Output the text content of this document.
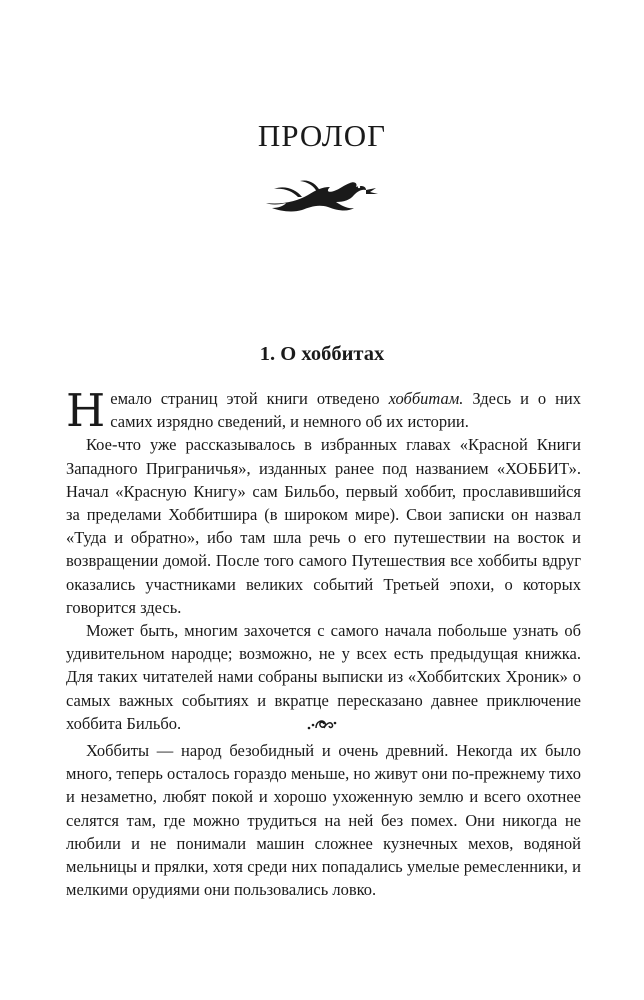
ПРОЛОГ
1. О хоббитах

Немало страниц этой книги отведено хоббитам. Здесь и о них самих изрядно сведений, и немного об их истории.

Кое-что уже рассказывалось в избранных главах «Красной Книги Западного Приграничья», изданных ранее под названием «ХОББИТ». Начал «Красную Книгу» сам Бильбо, первый хоббит, прославившийся за пределами Хоббитшира (в широком мире). Свои записки он назвал «Туда и обратно», ибо там шла речь о его путешествии на восток и возвращении домой. После того самого Путешествия все хоббиты вдруг оказались участниками великих событий Третьей эпохи, о которых говорится здесь.

Может быть, многим захочется с самого начала побольше узнать об удивительном народце; возможно, не у всех есть предыдущая книжка. Для таких читателей нами собраны выписки из «Хоббитских Хроник» о самых важных событиях и вкратце пересказано давнее приключение хоббита Бильбо.

Хоббиты — народ безобидный и очень древний. Некогда их было много, теперь осталось гораздо меньше, но живут они по-прежнему тихо и незаметно, любят покой и хорошо ухоженную землю и всего охотнее селятся там, где можно трудиться на ней без помех. Они никогда не любили и не понимали машин сложнее кузнечных мехов, водяной мельницы и прялки, хотя среди них попадались умелые ремесленники, и мелкими орудиями они пользовались ловко.
